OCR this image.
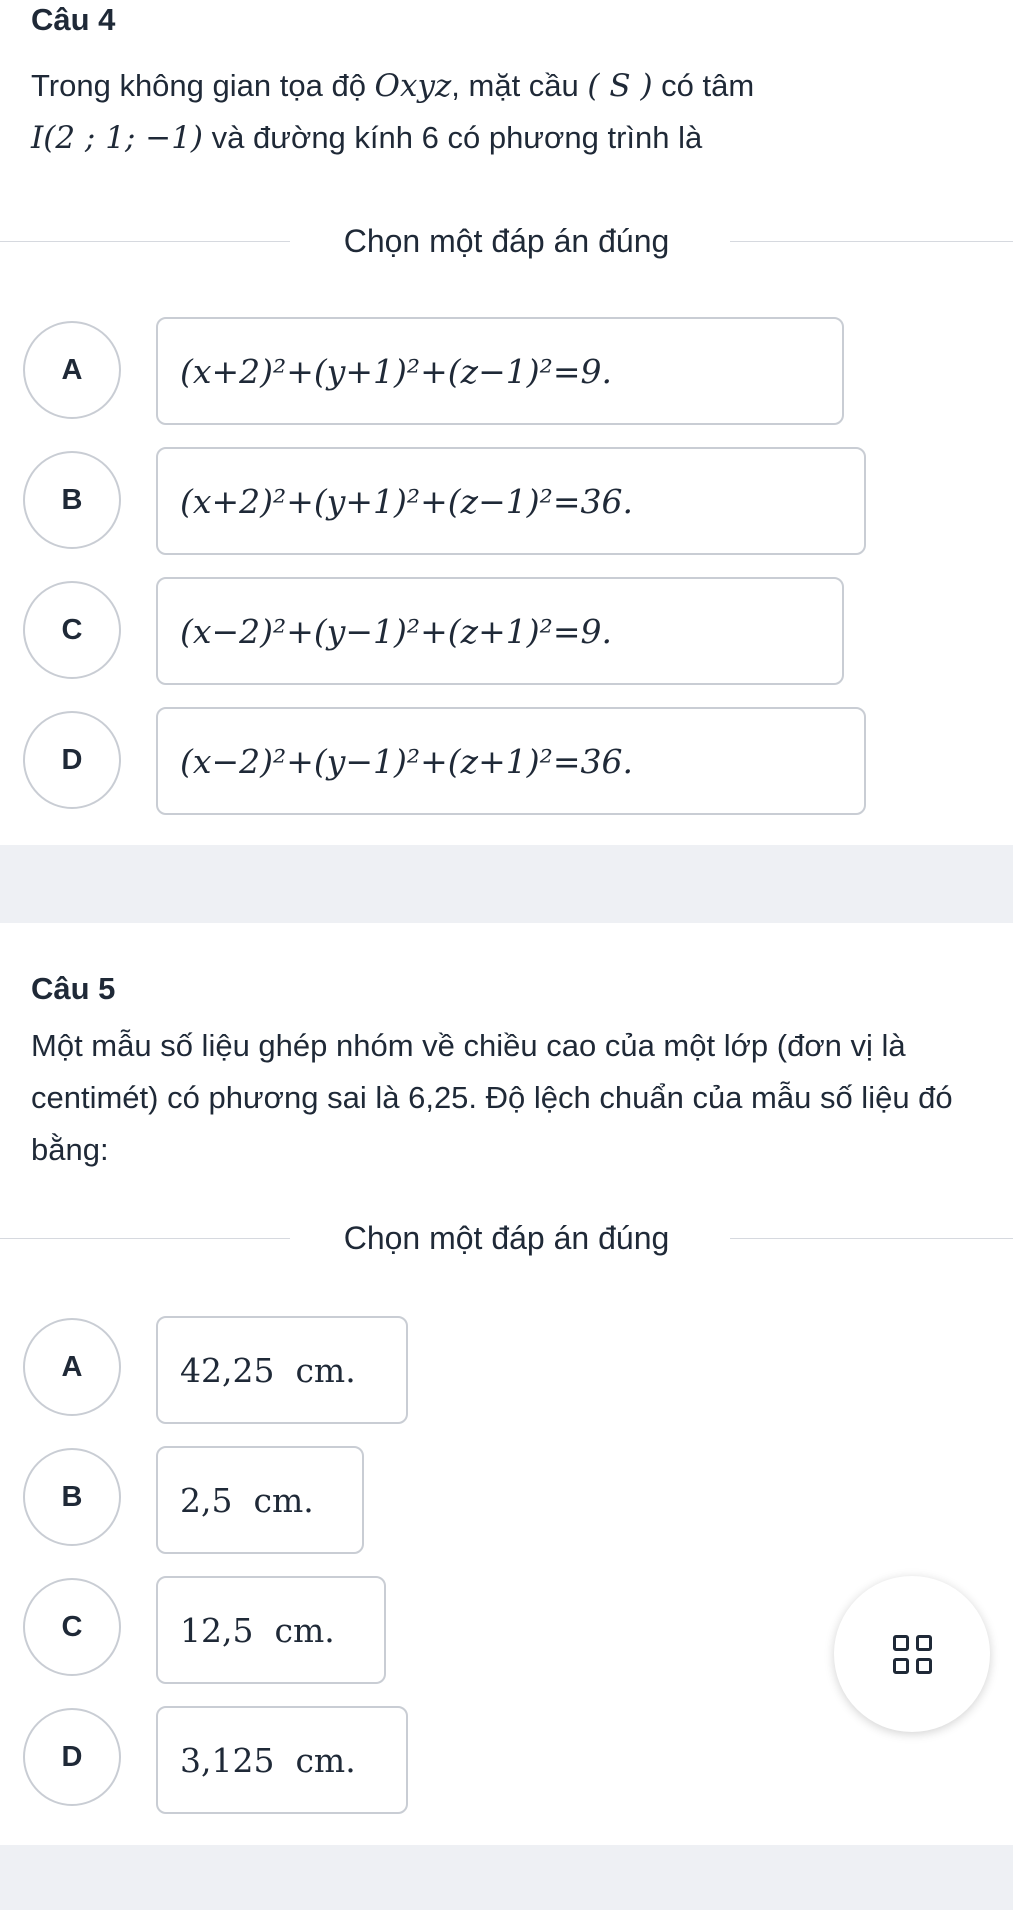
Câu 4
Trong không gian tọa độ Oxyz, mặt cầu ( S ) có tâm
I(2 ; 1; −1) và đường kính 6 có phương trình là
Chọn một đáp án đúng
A	(x+2)²+(y+1)²+(z−1)²=9.
B	(x+2)²+(y+1)²+(z−1)²=36.
C	(x−2)²+(y−1)²+(z+1)²=9.
D	(x−2)²+(y−1)²+(z+1)²=36.
Câu 5
Một mẫu số liệu ghép nhóm về chiều cao của một lớp (đơn vị là centimét) có phương sai là 6,25. Độ lệch chuẩn của mẫu số liệu đó bằng:
Chọn một đáp án đúng
A	42,25  cm.
B	2,5  cm.
C	12,5  cm.
D	3,125  cm.
